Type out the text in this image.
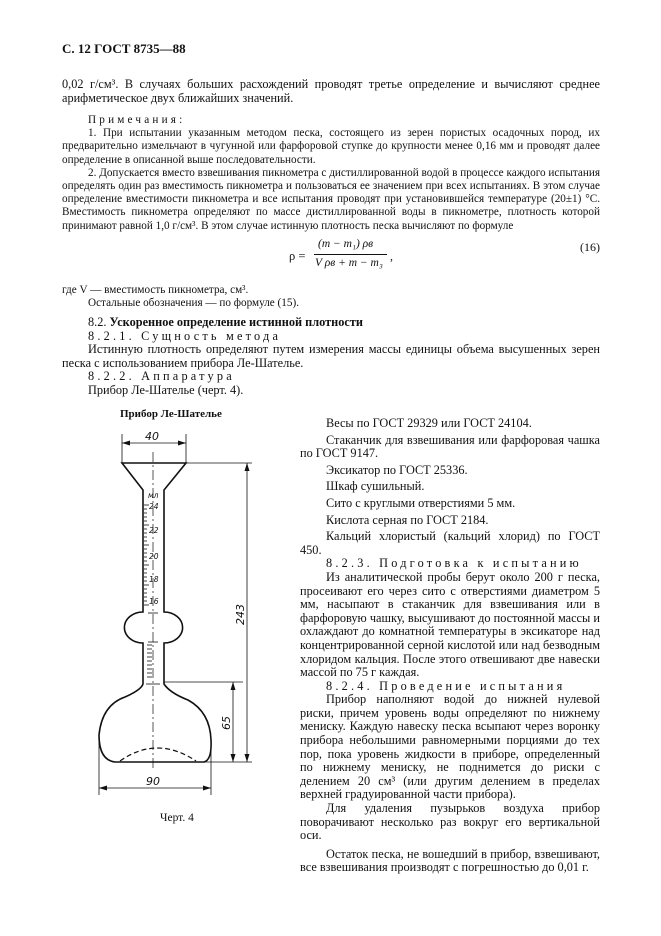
С. 12 ГОСТ 8735—88

0,02 г/см³. В случаях больших расхождений проводят третье определение и вычисляют среднее арифметическое двух ближайших значений.

Примечания:

1. При испытании указанным методом песка, состоящего из зерен пористых осадочных пород, их предварительно измельчают в чугунной или фарфоровой ступке до крупности менее 0,16 мм и проводят далее определение в описанной выше последовательности.

2. Допускается вместо взвешивания пикнометра с дистиллированной водой в процессе каждого испытания определять один раз вместимость пикнометра и пользоваться ее значением при всех испытаниях. В этом случае определение вместимости пикнометра и все испытания проводят при установившейся температуре (20±1) °С. Вместимость пикнометра определяют по массе дистиллированной воды в пикнометре, плотность которой принимают равной 1,0 г/см³. В этом случае истинную плотность песка вычисляют по формуле

ρ =
(m − m₁) ρв
V ρв + m − m₃ ,
(16)

где V — вместимость пикнометра, см³.

Остальные обозначения — по формуле (15).

8.2. Ускоренное определение истинной плотности

8.2.1. Сущность метода

Истинную плотность определяют путем измерения массы единицы объема высушенных зерен песка с использованием прибора Ле-Шателье.

8.2.2. Аппаратура

Прибор Ле-Шателье (черт. 4).

Прибор Ле-Шателье
мл
24
22
20
18
16
40
90
243
65
Черт. 4

Весы по ГОСТ 29329 или ГОСТ 24104.

Стаканчик для взвешивания или фарфоровая чашка по ГОСТ 9147.

Эксикатор по ГОСТ 25336.

Шкаф сушильный.

Сито с круглыми отверстиями 5 мм.

Кислота серная по ГОСТ 2184.

Кальций хлористый (кальций хлорид) по ГОСТ 450.

8.2.3. Подготовка к испытанию

Из аналитической пробы берут около 200 г песка, просеивают его через сито с отверстиями диаметром 5 мм, насыпают в стаканчик для взвешивания или в фарфоровую чашку, высушивают до постоянной массы и охлаждают до комнатной температуры в эксикаторе над концентрированной серной кислотой или над безводным хлоридом кальция. После этого отвешивают две навески массой по 75 г каждая.

8.2.4. Проведение испытания

Прибор наполняют водой до нижней нулевой риски, причем уровень воды определяют по нижнему мениску. Каждую навеску песка всыпают через воронку прибора небольшими равномерными порциями до тех пор, пока уровень жидкости в приборе, определенный по нижнему мениску, не поднимется до риски с делением 20 см³ (или другим делением в пределах верхней градуированной части прибора).

Для удаления пузырьков воздуха прибор поворачивают несколько раз вокруг его вертикальной оси.

Остаток песка, не вошедший в прибор, взвешивают, все взвешивания производят с погрешностью до 0,01 г.
